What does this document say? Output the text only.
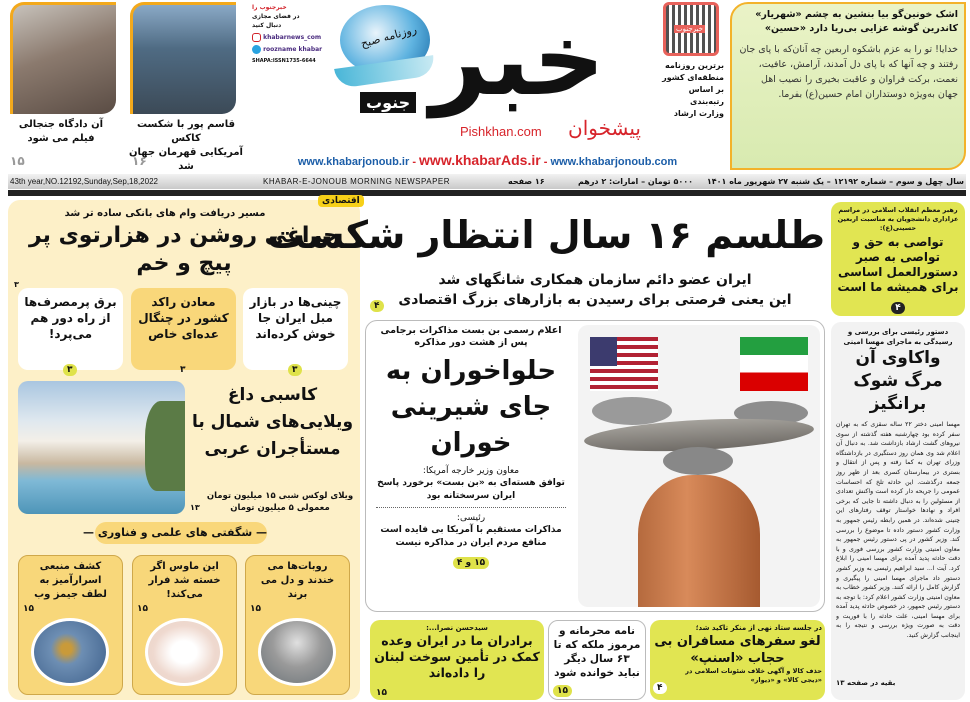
آن دادگاه جنجالی
فیلم می شود
۱۵
قاسم پور با شکست کاکس
آمریکایی قهرمان جهان شد
۱۶
خبرجنوب را
در فضای مجازی
دنبال کنید
khabarnews_com
roozname khabar
SHAPA:ISSN1735-6644
روزنامه صبح خبر
جنوب
Pishkhan.com پیشخوان
خبرجنوب
برترین روزنامه
منطقه‌ای کشور
بر اساس
رتبه‌بندی
وزارت ارشاد
اشک خونین‌گو بیا بنشین به چشم «شهریار»
کاندرین گوشه عزایی بی‌ریا دارد «حسین»
خدایا! تو را به عزم باشکوه اربعین چه آنان‌که با پای جان رفتند و چه آنها که با پای دل آمدند، آرامش، عافیت، نعمت، برکت فراوان و عاقبت بخیری را نصیب اهل جهان به‌ویژه دوستداران امام حسین(ع) بفرما.
www.khabarjonoub.ir - www.khabarAds.ir - www.khabarjonoub.com
43th year,NO.12192,Sunday,Sep,18,2022	KHABAR-E-JONOUB MORNING NEWSPAPER	۱۶ صفحه	۵۰۰۰ تومان – امارات: ۲ درهم سال چهل و سوم – شماره ۱۲۱۹۲ – یک شنبه ۲۷ شهریور ماه ۱۴۰۱
اقتصادی
مسیر دریافت وام های بانکی ساده تر شد
چراغی روشن در هزارتوی پر پیچ و خم
۳
چینی‌ها در بازار مبل ایران جا خوش کرده‌اند
۳
معادن راکد کشور در چنگال عده‌ای خاص
۳
برق پرمصرف‌ها از راه دور هم می‌پرد!
۳
کاسبی داغ ویلایی‌های شمال با مستأجران عربی
ویلای لوکس شبی ۱۵ میلیون تومان
معمولی ۵ میلیون تومان
۱۳
— شگفتی های علمی و فناوری —
روبات‌ها می خندند و دل می برند
۱۵
این ماوس اگر خسته شد فرار می‌کند!
۱۵
کشف منبعی اسرارآمیز به لطف جیمز وب
۱۵
طلسم ۱۶ سال انتظار شکست
ایران عضو دائم سازمان همکاری شانگهای شد
این یعنی فرصتی برای رسیدن به بازارهای بزرگ اقتصادی
۴
اعلام رسمی بن بست مذاکرات برجامی
پس از هشت دور مذاکره
حلواخوران به جای شیرینی خوران
معاون وزیر خارجه آمریکا:
توافق هسته‌ای به «بن بست» برخورد پاسخ ایران سرسختانه بود
رئیسی:
مذاکرات مستقیم با آمریکا بی فایده است منافع مردم ایران در مذاکره نیست
۱۵ و ۴
رهبر معظم انقلاب اسلامی در مراسم عزاداری دانشجویان به مناسبت اربعین حسینی(ع):
تواصی به حق و تواصی به صبر دستورالعمل اساسی برای همیشه ما است
۴
دستور رئیسی برای بررسی و رسیدگی به ماجرای مهسا امینی
واکاوی آن مرگ شوک برانگیز
مهسا امینی دختر ۲۲ ساله سقزی که به تهران سفر کرده بود چهارشنبه هفته گذشته از سوی نیروهای گشت ارشاد بازداشت شد. به دنبال آن اعلام شد وی همان روز دستگیری در بازداشتگاه وزرای تهران به کما رفته و پس از انتقال و بستری در بیمارستان کسری بعد از ظهر روز جمعه درگذشت. این حادثه تلخ که احساسات عمومی را جریحه دار کرده است واکنش تعدادی از مسئولین را به دنبال داشته تا جایی که برخی افراد و نهادها خواستار توقف رفتارهای این چنینی شده‌اند. در همین رابطه رئیس جمهور به وزارت کشور دستور داده تا موضوع را بررسی کند. وزیر کشور در پی دستور رئیس جمهور به معاون امنیتی وزارت کشور بررسی فوری و با دقت حادثه پدید آمده برای مهسا امینی را ابلاغ کرد. آیت ا... سید ابراهیم رئیسی به وزیر کشور دستور داد ماجرای مهسا امینی را پیگیری و گزارش کامل را ارائه کنند. وزیر کشور خطاب به معاون امنیتی وزارت کشور اعلام کرد: با توجه به دستور رئیس جمهور، در خصوص حادثه پدید آمده برای مهسا امینی، علت حادثه را با فوریت و دقت به صورت ویژه بررسی و نتیجه را به اینجانب گزارش کنید.
بقیه در صفحه ۱۳
در جلسه ستاد نهی از منکر تاکید شد؛
لغو سفرهای مسافران بی حجاب «اسنپ»
حذف کالا و آگهی خلاف شئونات اسلامی در «دیجی کالا» و «دیوار»
۴
نامه محرمانه و مرموز ملکه که تا ۶۳ سال دیگر نباید خوانده شود
۱۵
سیدحسن نصرا...:
برادران ما در ایران وعده کمک در تأمین سوخت لبنان را داده‌اند
۱۵
